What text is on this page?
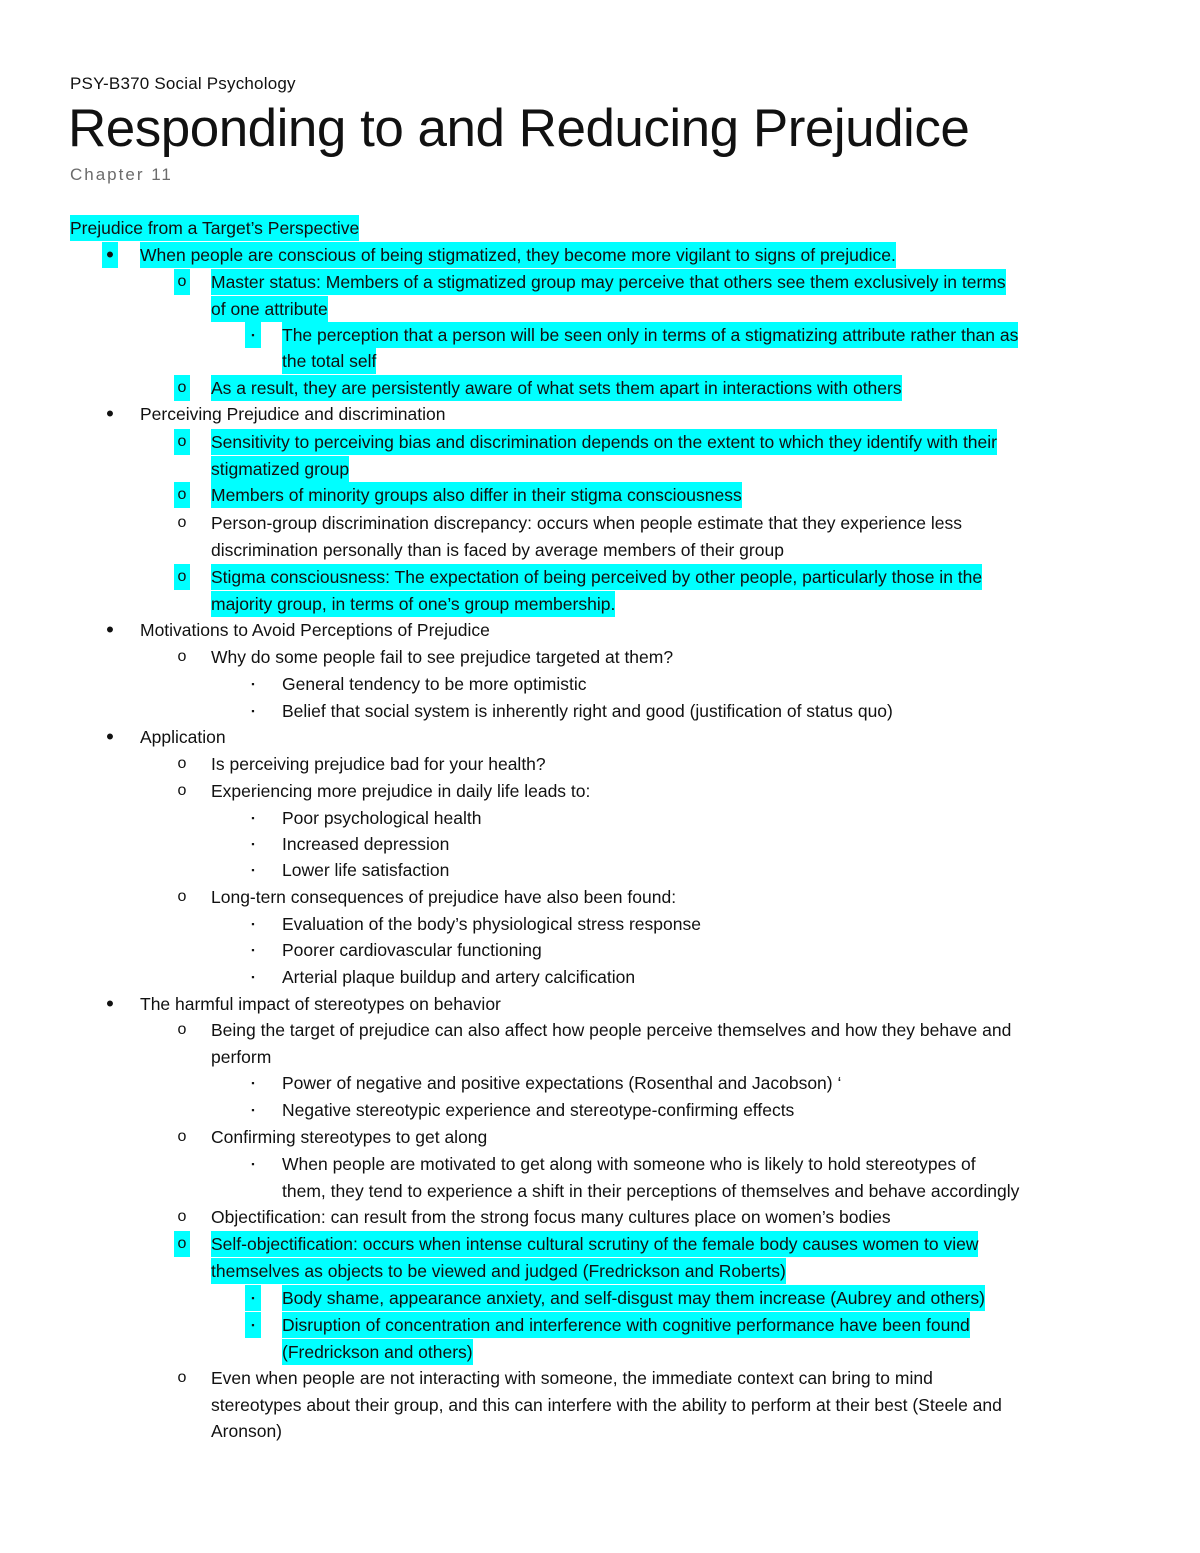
PSY-B370 Social Psychology
Responding to and Reducing Prejudice
Chapter 11
Prejudice from a Target’s Perspective
• When people are conscious of being stigmatized, they become more vigilant to signs of prejudice.
o Master status: Members of a stigmatized group may perceive that others see them exclusively in terms
of one attribute
▪	The perception that a person will be seen only in terms of a stigmatizing attribute rather than as
the total self
o As a result, they are persistently aware of what sets them apart in interactions with others
• Perceiving Prejudice and discrimination
o Sensitivity to perceiving bias and discrimination depends on the extent to which they identify with their
stigmatized group
o Members of minority groups also differ in their stigma consciousness
o Person-group discrimination discrepancy: occurs when people estimate that they experience less
discrimination personally than is faced by average members of their group
o Stigma consciousness: The expectation of being perceived by other people, particularly those in the
majority group, in terms of one’s group membership.
• Motivations to Avoid Perceptions of Prejudice
o Why do some people fail to see prejudice targeted at them?
▪	General tendency to be more optimistic
▪	Belief that social system is inherently right and good (justification of status quo)
• Application
o Is perceiving prejudice bad for your health?
o Experiencing more prejudice in daily life leads to:
▪	Poor psychological health
▪	Increased depression
▪	Lower life satisfaction
o Long-tern consequences of prejudice have also been found:
▪	Evaluation of the body’s physiological stress response
▪	Poorer cardiovascular functioning
▪	Arterial plaque buildup and artery calcification
• The harmful impact of stereotypes on behavior
o Being the target of prejudice can also affect how people perceive themselves and how they behave and
perform
▪	Power of negative and positive expectations (Rosenthal and Jacobson) ‘
▪	Negative stereotypic experience and stereotype-confirming effects
o Confirming stereotypes to get along
▪	When people are motivated to get along with someone who is likely to hold stereotypes of
them, they tend to experience a shift in their perceptions of themselves and behave accordingly
o Objectification: can result from the strong focus many cultures place on women’s bodies
o Self-objectification: occurs when intense cultural scrutiny of the female body causes women to view
themselves as objects to be viewed and judged (Fredrickson and Roberts)
▪	Body shame, appearance anxiety, and self-disgust may them increase (Aubrey and others)
▪	Disruption of concentration and interference with cognitive performance have been found
(Fredrickson and others)
o Even when people are not interacting with someone, the immediate context can bring to mind
stereotypes about their group, and this can interfere with the ability to perform at their best (Steele and
Aronson)
